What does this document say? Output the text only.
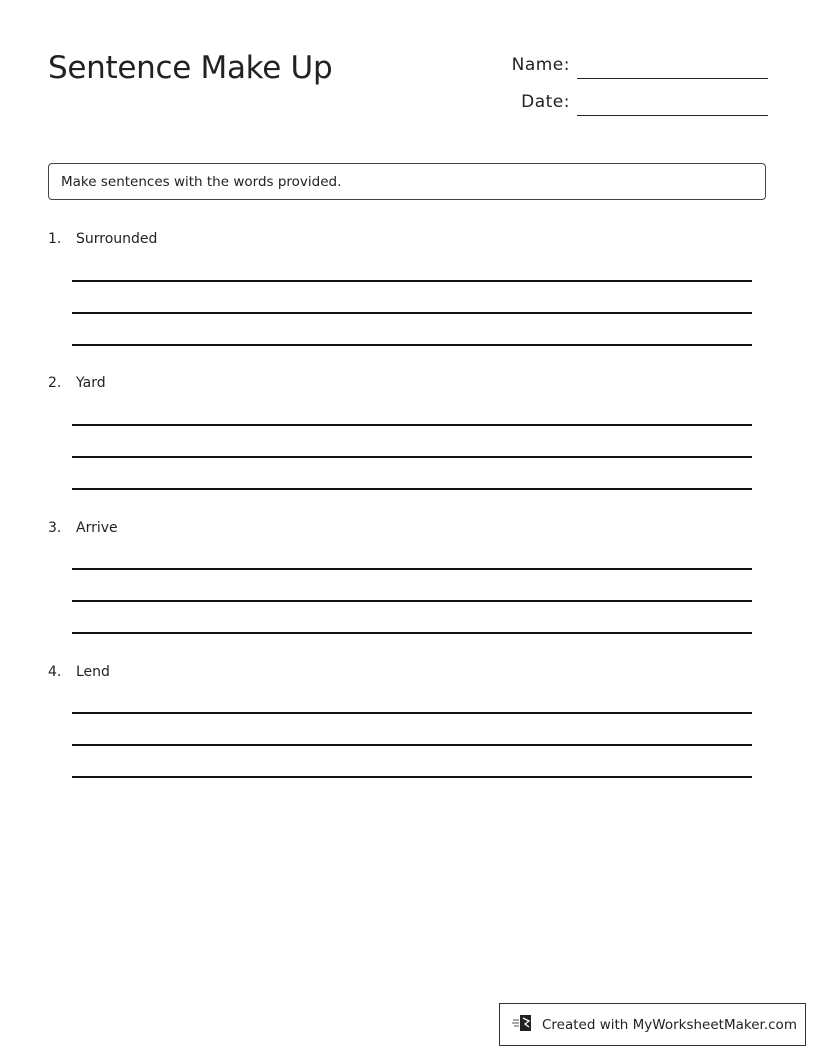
Sentence Make Up	Name:
Date:
Make sentences with the words provided.
1. Surrounded
2. Yard
3. Arrive
4. Lend
Created with MyWorksheetMaker.com
